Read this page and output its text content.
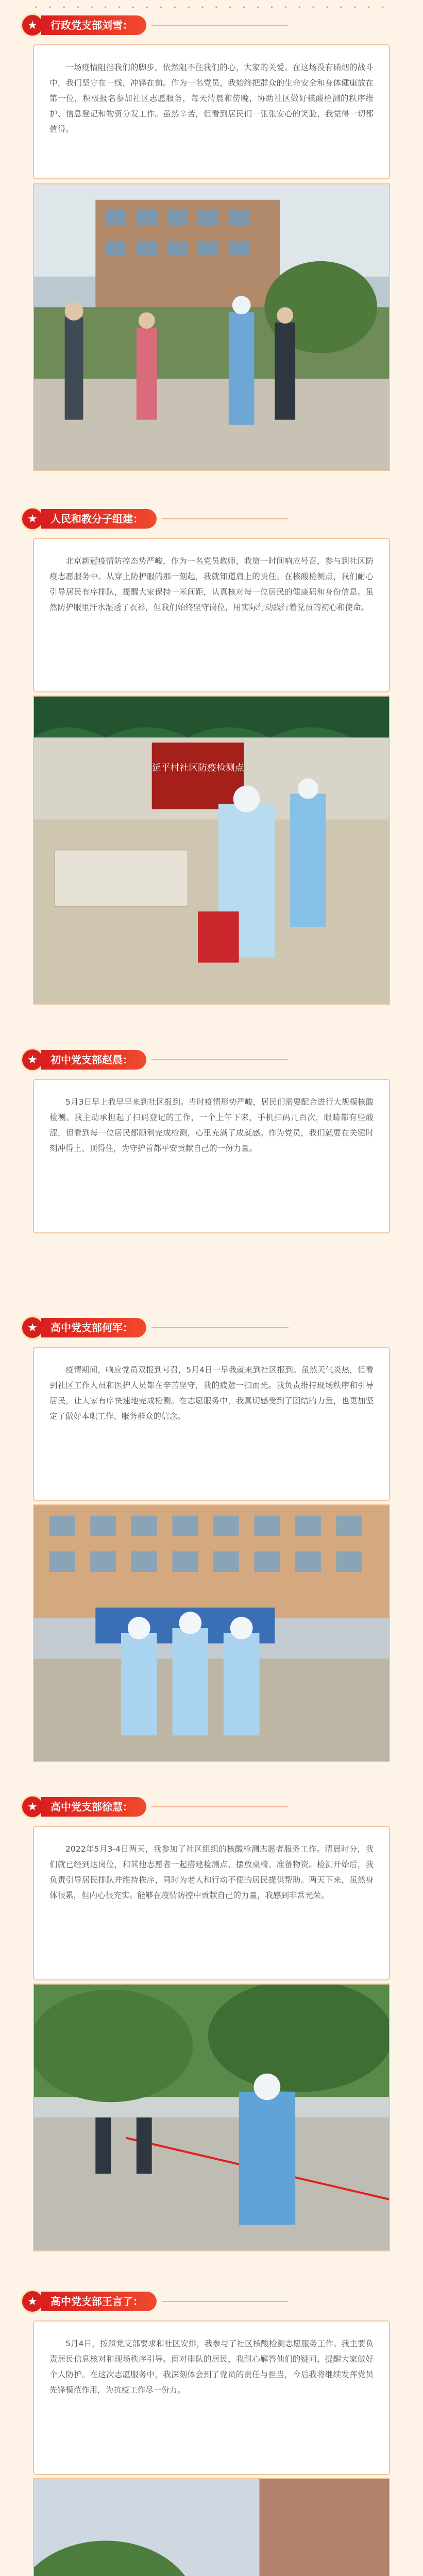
• • • • • • • • • • • • • • • • • • • • • • • • • •
★	行政党支部刘雪：

一场疫情阻挡我们的脚步，依然阻不住我们的心，大家的关爱。在这场没有硝烟的战斗中，我们坚守在一线，冲锋在前。作为一名党员，我始终把群众的生命安全和身体健康放在第一位，积极报名参加社区志愿服务，每天清晨和傍晚，协助社区做好核酸检测的秩序维护、信息登记和物资分发工作。虽然辛苦，但看到居民们一张张安心的笑脸，我觉得一切都值得。

★	人民和教分子组建：

北京新冠疫情防控态势严峻，作为一名党员教师，我第一时间响应号召，参与到社区防疫志愿服务中。从穿上防护服的那一刻起，我就知道肩上的责任。在核酸检测点，我们耐心引导居民有序排队，提醒大家保持一米间距，认真核对每一位居民的健康码和身份信息。虽然防护服里汗水湿透了衣衫，但我们始终坚守岗位，用实际行动践行着党员的初心和使命。

延平村社区防疫检测点
★	初中党支部赵晨：

5月3日早上我早早来到社区报到。当时疫情形势严峻，居民们需要配合进行大规模核酸检测。我主动承担起了扫码登记的工作，一个上午下来，手机扫码几百次，眼睛都有些酸涩，但看到每一位居民都顺利完成检测，心里充满了成就感。作为党员，我们就要在关键时刻冲得上、顶得住，为守护首都平安贡献自己的一份力量。

★	高中党支部何军：

疫情期间，响应党员双报到号召，5月4日一早我就来到社区报到。虽然天气炎热，但看到社区工作人员和医护人员都在辛苦坚守，我的疲惫一扫而光。我负责维持现场秩序和引导居民，让大家有序快速地完成检测。在志愿服务中，我真切感受到了团结的力量，也更加坚定了做好本职工作、服务群众的信念。

★	高中党支部徐慧：

2022年5月3-4日两天，我参加了社区组织的核酸检测志愿者服务工作。清晨时分，我们就已经到达岗位，和其他志愿者一起搭建检测点、摆放桌椅、准备物资。检测开始后，我负责引导居民排队并维持秩序，同时为老人和行动不便的居民提供帮助。两天下来，虽然身体很累，但内心很充实。能够在疫情防控中贡献自己的力量，我感到非常光荣。

★	高中党支部王言了：

5月4日，按照党支部要求和社区安排，我参与了社区核酸检测志愿服务工作。我主要负责居民信息核对和现场秩序引导。面对排队的居民，我耐心解答他们的疑问，提醒大家做好个人防护。在这次志愿服务中，我深刻体会到了党员的责任与担当，今后我将继续发挥党员先锋模范作用，为抗疫工作尽一份力。
